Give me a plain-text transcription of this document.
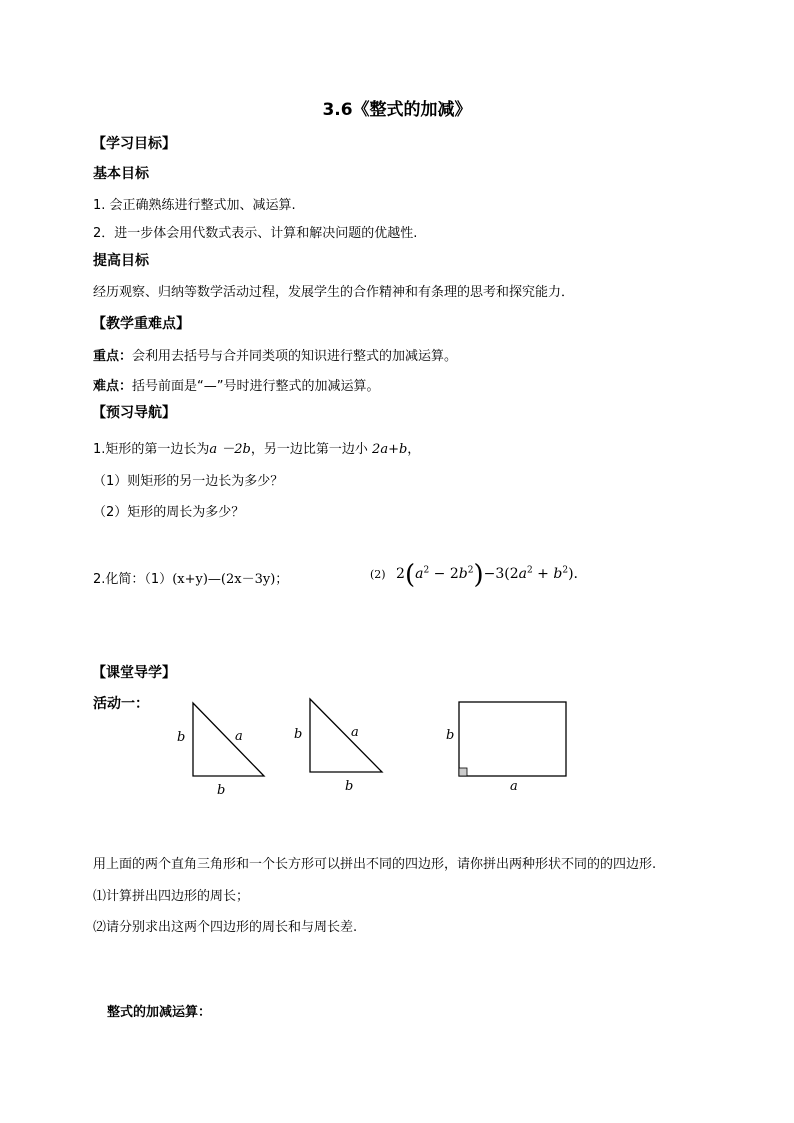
3.6《整式的加减》
【学习目标】
基本目标
1. 会正确熟练进行整式加、减运算.
2．进一步体会用代数式表示、计算和解决问题的优越性.
提高目标
经历观察、归纳等数学活动过程，发展学生的合作精神和有条理的思考和探究能力．
【教学重难点】
重点：会利用去括号与合并同类项的知识进行整式的加减运算。
难点：括号前面是“—”号时进行整式的加减运算。
【预习导航】
1.矩形的第一边长为a －2b，另一边比第一边小 2a+b，
（1）则矩形的另一边长为多少？
（2）矩形的周长为多少？
2.化简：（1）(x+y)—(2x－3y)；	(2) $2(a^2 - 2b^2)-3(2a^2 + b^2)$.
【课堂导学】
活动一：
b	a
b
b	a
b
b
a
用上面的两个直角三角形和一个长方形可以拼出不同的四边形，请你拼出两种形状不同的的四边形.
⑴计算拼出四边形的周长；
⑵请分别求出这两个四边形的周长和与周长差.
整式的加减运算：
